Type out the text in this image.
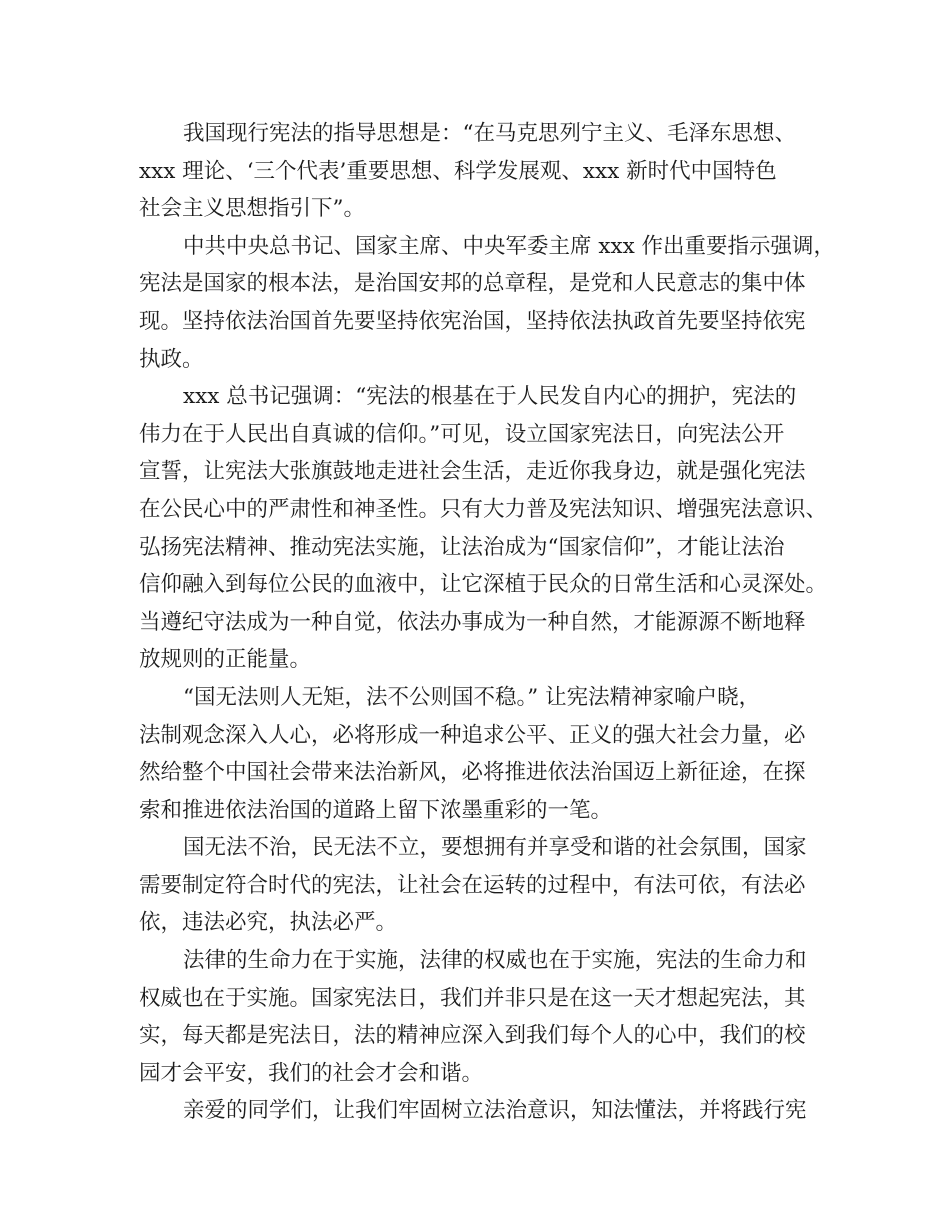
我国现行宪法的指导思想是：“在马克思列宁主义、毛泽东思想、
xxx 理论、‘三个代表’重要思想、科学发展观、xxx 新时代中国特色
社会主义思想指引下”。
中共中央总书记、国家主席、中央军委主席 xxx 作出重要指示强调，
宪法是国家的根本法，是治国安邦的总章程，是党和人民意志的集中体
现。坚持依法治国首先要坚持依宪治国，坚持依法执政首先要坚持依宪
执政。
xxx 总书记强调：“宪法的根基在于人民发自内心的拥护，宪法的
伟力在于人民出自真诚的信仰。”可见，设立国家宪法日，向宪法公开
宣誓，让宪法大张旗鼓地走进社会生活，走近你我身边，就是强化宪法
在公民心中的严肃性和神圣性。只有大力普及宪法知识、增强宪法意识、
弘扬宪法精神、推动宪法实施，让法治成为“国家信仰”，才能让法治
信仰融入到每位公民的血液中，让它深植于民众的日常生活和心灵深处。
当遵纪守法成为一种自觉，依法办事成为一种自然，才能源源不断地释
放规则的正能量。
“国无法则人无矩，法不公则国不稳。” 让宪法精神家喻户晓，
法制观念深入人心，必将形成一种追求公平、正义的强大社会力量，必
然给整个中国社会带来法治新风，必将推进依法治国迈上新征途，在探
索和推进依法治国的道路上留下浓墨重彩的一笔。
国无法不治，民无法不立，要想拥有并享受和谐的社会氛围，国家
需要制定符合时代的宪法，让社会在运转的过程中，有法可依，有法必
依，违法必究，执法必严。
法律的生命力在于实施，法律的权威也在于实施，宪法的生命力和
权威也在于实施。国家宪法日，我们并非只是在这一天才想起宪法，其
实，每天都是宪法日，法的精神应深入到我们每个人的心中，我们的校
园才会平安，我们的社会才会和谐。
亲爱的同学们，让我们牢固树立法治意识，知法懂法，并将践行宪
